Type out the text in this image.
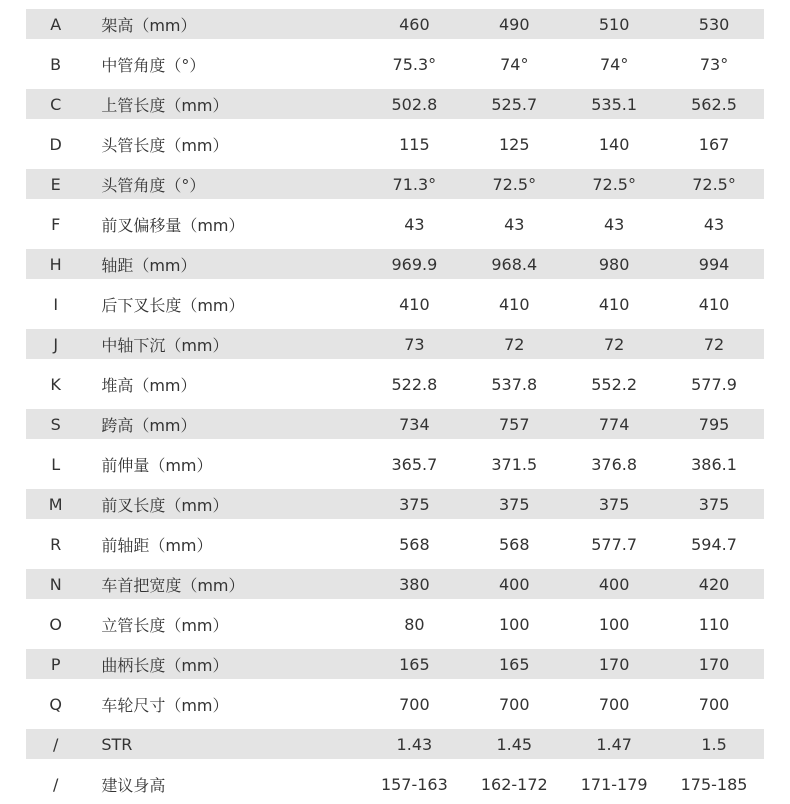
A	架高（mm）	460	490	510	530
B	中管角度（°）	75.3°	74°	74°	73°
C	上管长度（mm）	502.8	525.7	535.1	562.5
D	头管长度（mm）	115	125	140	167
E	头管角度（°）	71.3°	72.5°	72.5°	72.5°
F	前叉偏移量（mm）	43	43	43	43
H	轴距（mm）	969.9	968.4	980	994
I	后下叉长度（mm）	410	410	410	410
J	中轴下沉（mm）	73	72	72	72
K	堆高（mm）	522.8	537.8	552.2	577.9
S	跨高（mm）	734	757	774	795
L	前伸量（mm）	365.7	371.5	376.8	386.1
M	前叉长度（mm）	375	375	375	375
R	前轴距（mm）	568	568	577.7	594.7
N	车首把宽度（mm）	380	400	400	420
O	立管长度（mm）	80	100	100	110
P	曲柄长度（mm）	165	165	170	170
Q	车轮尺寸（mm）	700	700	700	700
/	STR	1.43	1.45	1.47	1.5
/	建议身高	157-163	162-172	171-179	175-185
